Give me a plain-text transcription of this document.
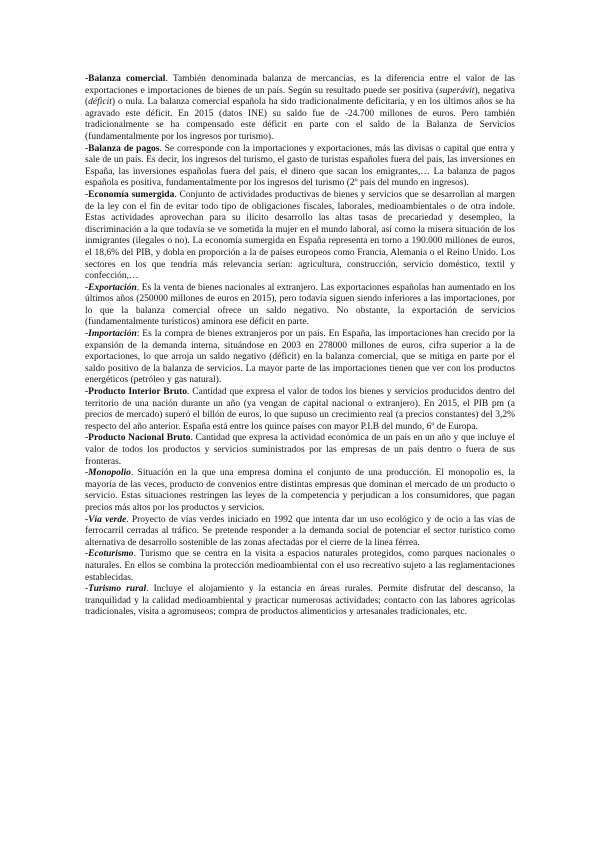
-Balanza comercial. También denominada balanza de mercancías, es la diferencia entre el valor de las exportaciones e importaciones de bienes de un país. Según su resultado puede ser positiva (superávit), negativa (déficit) o nula. La balanza comercial española ha sido tradicionalmente deficitaria, y en los últimos años se ha agravado este déficit. En 2015 (datos INE) su saldo fue de -24.700 millones de euros. Pero también tradicionalmente se ha compensado este déficit en parte con el saldo de la Balanza de Servicios (fundamentalmente por los ingresos por turismo).

-Balanza de pagos. Se corresponde con la importaciones y exportaciones, más las divisas o capital que entra y sale de un país. Es decir, los ingresos del turismo, el gasto de turistas españoles fuera del país, las inversiones en España, las inversiones españolas fuera del país, el dinero que sacan los emigrantes,… La balanza de pagos española es positiva, fundamentalmente por los ingresos del turismo (2º país del mundo en ingresos).

-Economía sumergida. Conjunto de actividades productivas de bienes y servicios que se desarrollan al margen de la ley con el fin de evitar todo tipo de obligaciones fiscales, laborales, medioambientales o de otra índole. Estas actividades aprovechan para su ilícito desarrollo las altas tasas de precariedad y desempleo, la discriminación a la que todavía se ve sometida la mujer en el mundo laboral, así como la mísera situación de los inmigrantes (ilegales o no). La economía sumergida en España representa en torno a 190.000 millones de euros, el 18,6% del PIB, y dobla en proporción a la de países europeos como Francia, Alemania o el Reino Unido. Los sectores en los que tendría más relevancia serían: agricultura, construcción, servicio doméstico, textil y confección,…

-Exportación. Es la venta de bienes nacionales al extranjero. Las exportaciones españolas han aumentado en los últimos años (250000 millones de euros en 2015), pero todavía siguen siendo inferiores a las importaciones, por lo que la balanza comercial ofrece un saldo negativo. No obstante, la exportación de servicios (fundamentalmente turísticos) aminora ese déficit en parte.

-Importación: Es la compra de bienes extranjeros por un país. En España, las importaciones han crecido por la expansión de la demanda interna, situándose en 2003 en 278000 millones de euros, cifra superior a la de exportaciones, lo que arroja un saldo negativo (déficit) en la balanza comercial, que se mitiga en parte por el saldo positivo de la balanza de servicios. La mayor parte de las importaciones tienen que ver con los productos energéticos (petróleo y gas natural).

-Producto Interior Bruto. Cantidad que expresa el valor de todos los bienes y servicios producidos dentro del territorio de una nación durante un año (ya vengan de capital nacional o extranjero). En 2015, el PIB pm (a precios de mercado) superó el billón de euros, lo que supuso un crecimiento real (a precios constantes) del 3,2% respecto del año anterior. España está entre los quince países con mayor P.I.B del mundo, 6º de Europa.

-Producto Nacional Bruto. Cantidad que expresa la actividad económica de un país en un año y que incluye el valor de todos los productos y servicios suministrados por las empresas de un país dentro o fuera de sus fronteras.

-Monopolio. Situación en la que una empresa domina el conjunto de una producción. El monopolio es, la mayoría de las veces, producto de convenios entre distintas empresas que dominan el mercado de un producto o servicio. Estas situaciones restringen las leyes de la competencia y perjudican a los consumidores, que pagan precios más altos por los productos y servicios.

-Vía verde. Proyecto de vías verdes iniciado en 1992 que intenta dar un uso ecológico y de ocio a las vías de ferrocarril cerradas al tráfico. Se pretende responder a la demanda social de potenciar el sector turístico como alternativa de desarrollo sostenible de las zonas afectadas por el cierre de la línea férrea.

-Ecoturismo. Turismo que se centra en la visita a espacios naturales protegidos, como parques nacionales o naturales. En ellos se combina la protección medioambiental con el uso recreativo sujeto a las reglamentaciones establecidas.

-Turismo rural. Incluye el alojamiento y la estancia en áreas rurales. Permite disfrutar del descanso, la tranquilidad y la calidad medioambiental y practicar numerosas actividades; contacto con las labores agrícolas tradicionales, visita a agromuseos; compra de productos alimenticios y artesanales tradicionales, etc.
